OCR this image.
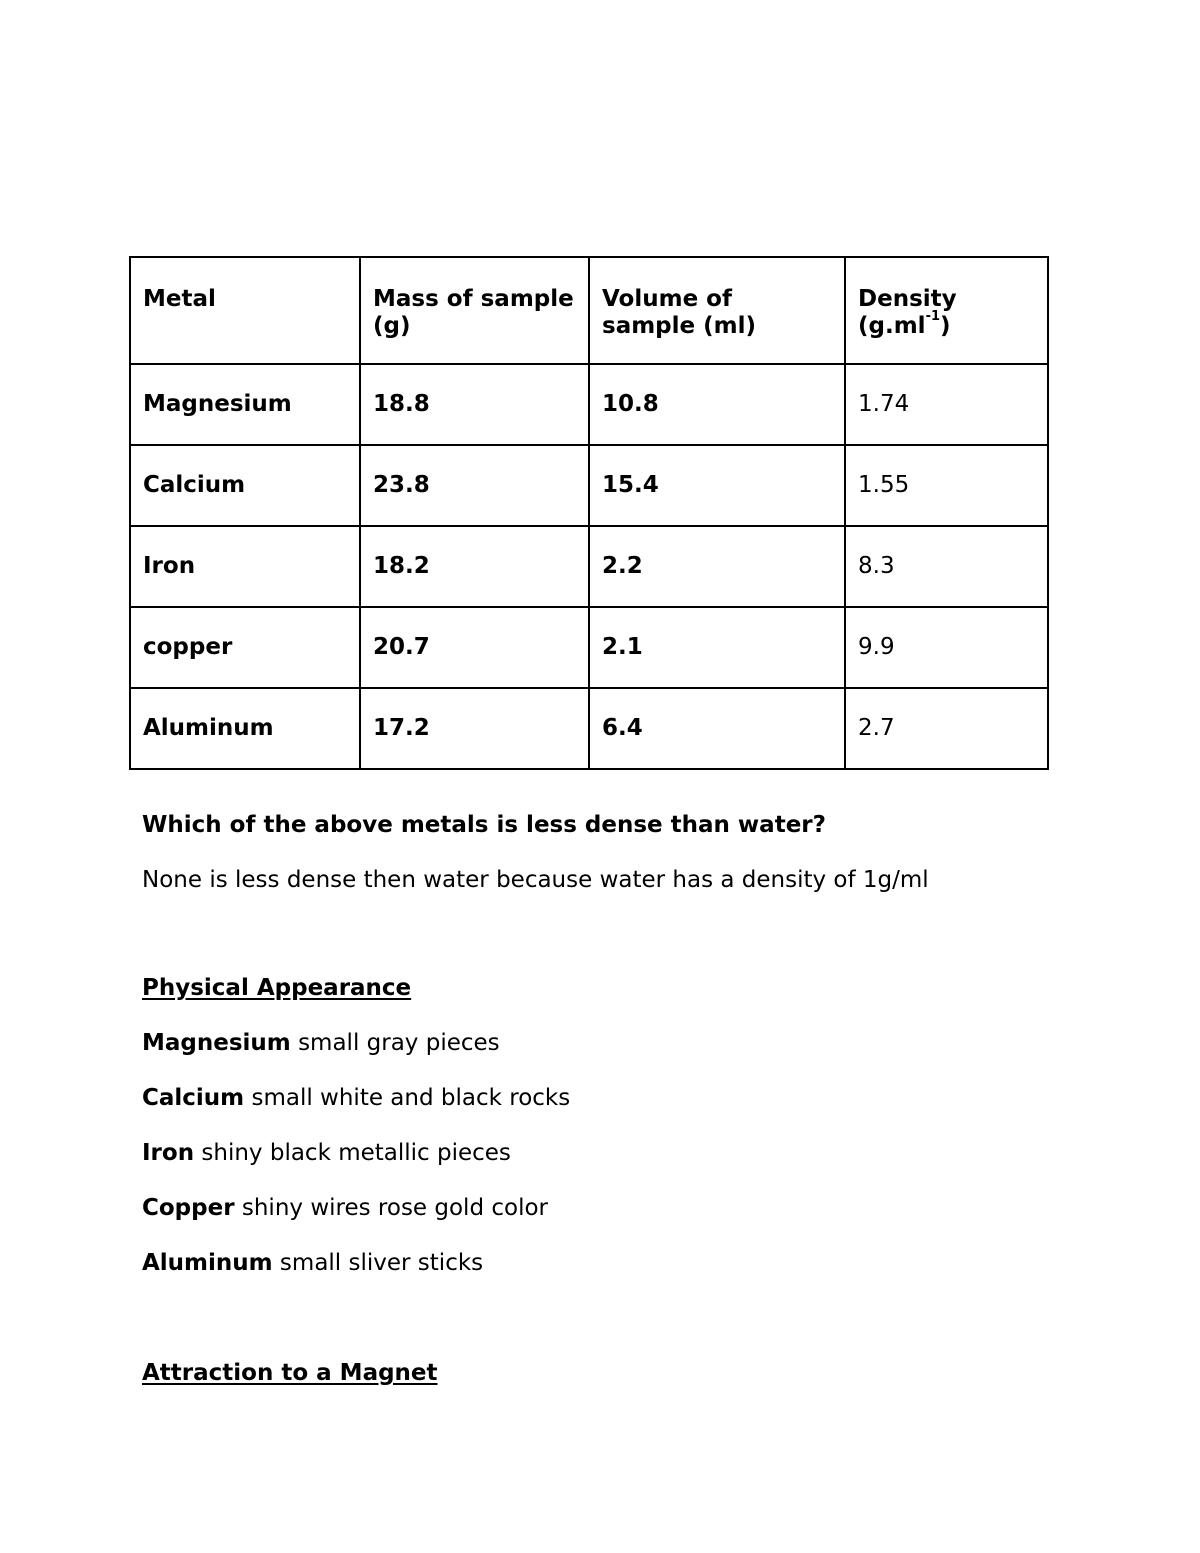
Metal	Mass of sample (g)	Volume of sample (ml)	Density $(g.ml^{-1})$
Magnesium	18.8	10.8	1.74
Calcium	23.8	15.4	1.55
Iron	18.2	2.2	8.3
copper	20.7	2.1	9.9
Aluminum	17.2	6.4	2.7
Which of the above metals is less dense than water?
None is less dense then water because water has a density of 1g/ml
Physical Appearance
Magnesium small gray pieces
Calcium small white and black rocks
Iron shiny black metallic pieces
Copper shiny wires rose gold color
Aluminum small sliver sticks
Attraction to a Magnet
